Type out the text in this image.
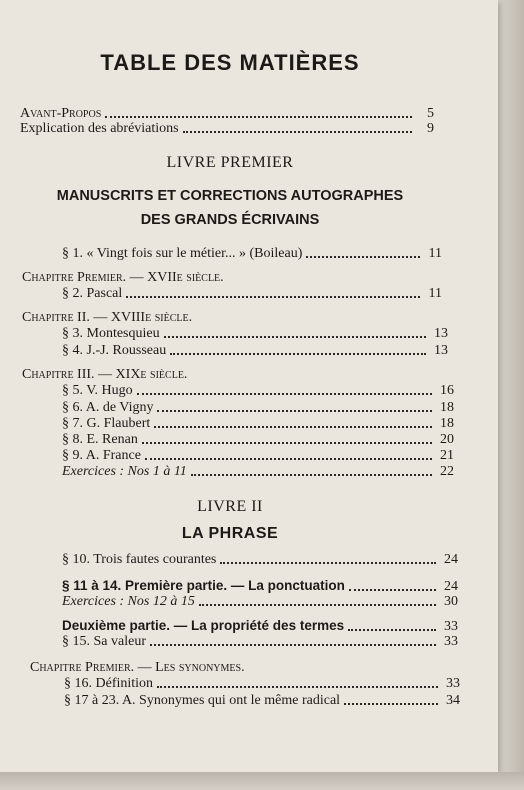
TABLE DES MATIÈRES
Avant-Propos	5
Explication des abréviations	9
LIVRE PREMIER
MANUSCRITS ET CORRECTIONS AUTOGRAPHES
DES GRANDS ÉCRIVAINS
§ 1. « Vingt fois sur le métier... » (Boileau)	11
Chapitre Premier. — XVIIe siècle.
§ 2. Pascal	11
Chapitre II. — XVIIIe siècle.
§ 3. Montesquieu	13
§ 4. J.-J. Rousseau	13
Chapitre III. — XIXe siècle.
§ 5. V. Hugo	16
§ 6. A. de Vigny	18
§ 7. G. Flaubert	18
§ 8. E. Renan	20
§ 9. A. France	21
Exercices : Nos 1 à 11	22
LIVRE II
LA PHRASE
§ 10. Trois fautes courantes	24
§ 11 à 14. Première partie. — La ponctuation	24
Exercices : Nos 12 à 15	30
Deuxième partie. — La propriété des termes	33
§ 15. Sa valeur	33
Chapitre Premier. — Les synonymes.
§ 16. Définition	33
§ 17 à 23. A. Synonymes qui ont le même radical	34
